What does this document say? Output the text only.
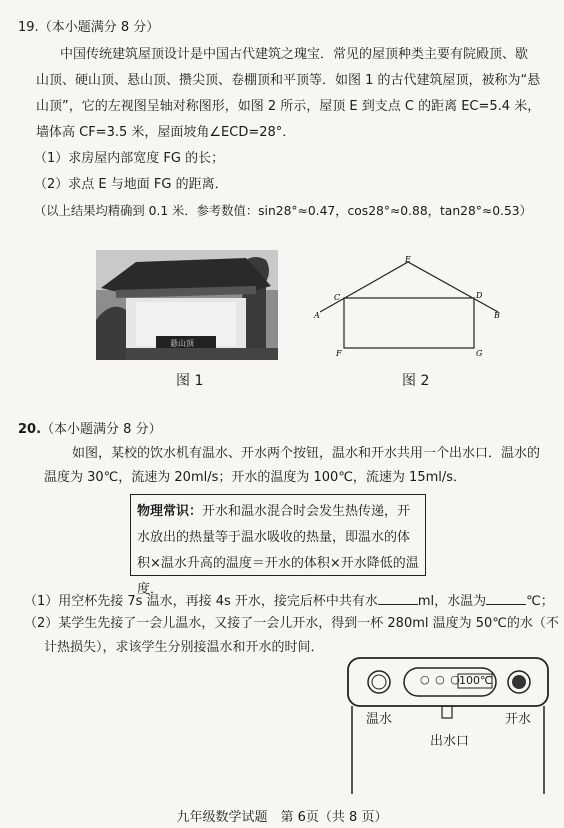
19.（本小题满分 8 分）
中国传统建筑屋顶设计是中国古代建筑之瑰宝．常见的屋顶种类主要有院殿顶、歇
山顶、硬山顶、悬山顶、攒尖顶、卷棚顶和平顶等．如图 1 的古代建筑屋顶，被称为“悬
山顶”，它的左视图呈轴对称图形，如图 2 所示，屋顶 E 到支点 C 的距离 EC=5.4 米，
墙体高 CF=3.5 米，屋面坡角∠ECD=28°．
（1）求房屋内部宽度 FG 的长；
（2）求点 E 与地面 FG 的距离．
（以上结果均精确到 0.1 米．参考数值：sin28°≈0.47，cos28°≈0.88，tan28°≈0.53）
悬山顶
图 1
E
C	D
A	B
F	G
图 2
20.（本小题满分 8 分）
如图，某校的饮水机有温水、开水两个按钮，温水和开水共用一个出水口．温水的
温度为 30℃，流速为 20ml/s；开水的温度为 100℃，流速为 15ml/s．
物理常识：开水和温水混合时会发生热传递，开水放出的热量等于温水吸收的热量，即温水的体积×温水升高的温度＝开水的体积×开水降低的温度．
（1）用空杯先接 7s 温水，再接 4s 开水，接完后杯中共有水	ml，水温为	℃；
（2）某学生先接了一会儿温水，又接了一会儿开水，得到一杯 280ml 温度为 50℃的水（不
计热损失），求该学生分别接温水和开水的时间．
○ ○ ○
100℃
温水	开水
出水口
九年级数学试题　第 6页（共 8 页）
